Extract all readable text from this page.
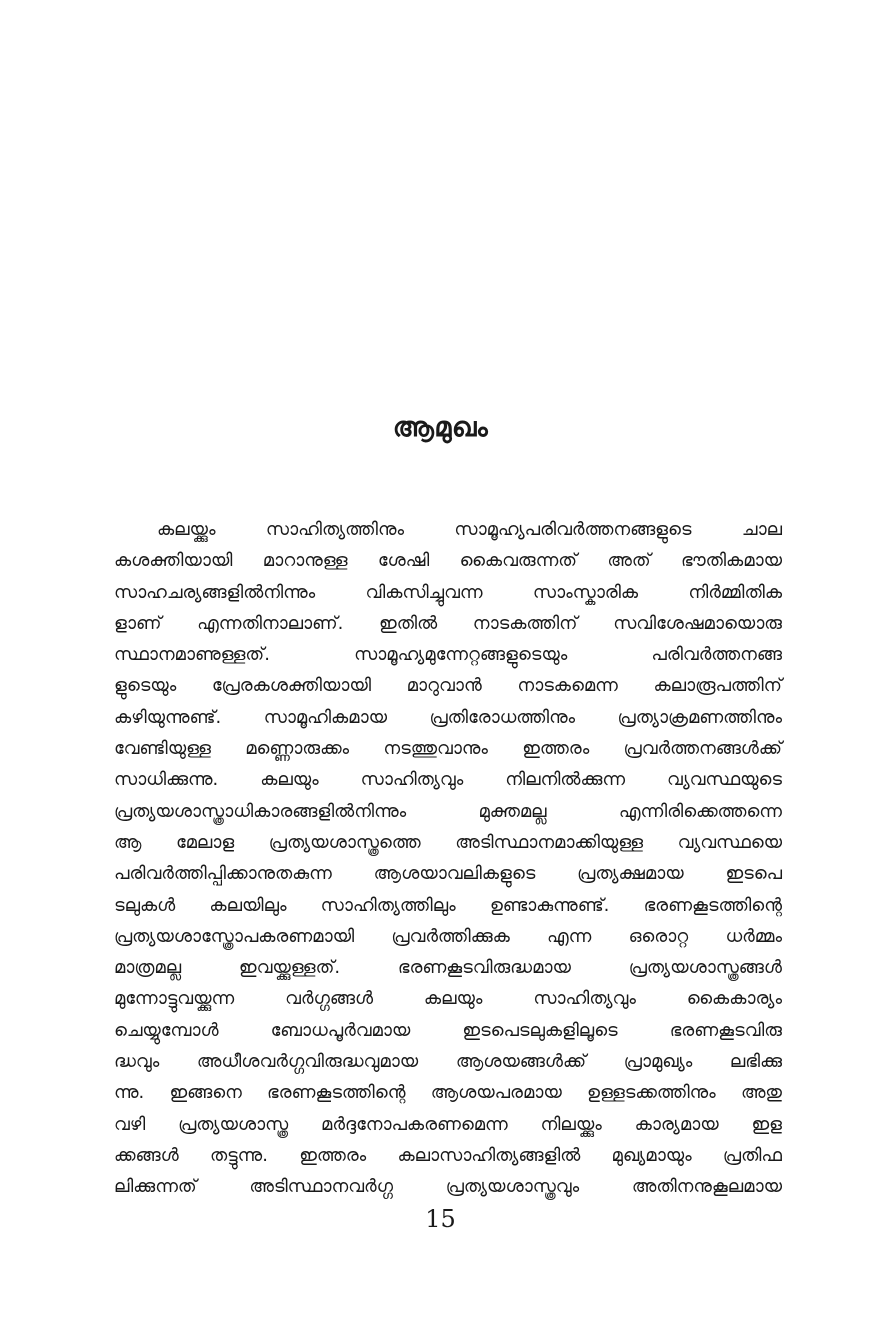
ആമുഖം
കലയ്ക്കും സാഹിത്യത്തിനും സാമൂഹ്യപരിവർത്തനങ്ങളുടെ ചാല
കശക്തിയായി മാറാനുള്ള ശേഷി കൈവരുന്നത് അത് ഭൗതികമായ
സാഹചര്യങ്ങളിൽനിന്നും വികസിച്ചുവന്ന സാംസ്കാരിക നിർമ്മിതിക
ളാണ് എന്നതിനാലാണ്. ഇതിൽ നാടകത്തിന് സവിശേഷമായൊരു
സ്ഥാനമാണുള്ളത്. സാമൂഹ്യമുന്നേറ്റങ്ങളുടെയും പരിവർത്തനങ്ങ
ളുടെയും പ്രേരകശക്തിയായി മാറുവാൻ നാടകമെന്ന കലാരൂപത്തിന്
കഴിയുന്നുണ്ട്. സാമൂഹികമായ പ്രതിരോധത്തിനും പ്രത്യാക്രമണത്തിനും
വേണ്ടിയുള്ള മണ്ണൊരുക്കം നടത്തുവാനും ഇത്തരം പ്രവർത്തനങ്ങൾക്ക്
സാധിക്കുന്നു. കലയും സാഹിത്യവും നിലനിൽക്കുന്ന വ്യവസ്ഥയുടെ
പ്രത്യയശാസ്ത്രാധികാരങ്ങളിൽനിന്നും മുക്തമല്ല എന്നിരിക്കെത്തന്നെ
ആ മേലാള പ്രത്യയശാസ്ത്രത്തെ അടിസ്ഥാനമാക്കിയുള്ള വ്യവസ്ഥയെ
പരിവർത്തിപ്പിക്കാനുതകുന്ന ആശയാവലികളുടെ പ്രത്യക്ഷമായ ഇടപെ
ടലുകൾ കലയിലും സാഹിത്യത്തിലും ഉണ്ടാകുന്നുണ്ട്. ഭരണകൂടത്തിന്റെ
പ്രത്യയശാസ്ത്രോപകരണമായി പ്രവർത്തിക്കുക എന്ന ഒരൊറ്റ ധർമ്മം
മാത്രമല്ല ഇവയ്ക്കുള്ളത്. ഭരണകൂടവിരുദ്ധമായ പ്രത്യയശാസ്ത്രങ്ങൾ
മുന്നോട്ടുവയ്ക്കുന്ന വർഗ്ഗങ്ങൾ കലയും സാഹിത്യവും കൈകാര്യം
ചെയ്യുമ്പോൾ ബോധപൂർവമായ ഇടപെടലുകളിലൂടെ ഭരണകൂടവിരു
ദ്ധവും അധീശവർഗ്ഗവിരുദ്ധവുമായ ആശയങ്ങൾക്ക് പ്രാമുഖ്യം ലഭിക്കു
ന്നു. ഇങ്ങനെ ഭരണകൂടത്തിന്റെ ആശയപരമായ ഉള്ളടക്കത്തിനും അതു
വഴി പ്രത്യയശാസ്ത്ര മർദ്ദനോപകരണമെന്ന നിലയ്ക്കും കാര്യമായ ഇള
ക്കങ്ങൾ തട്ടുന്നു. ഇത്തരം കലാസാഹിത്യങ്ങളിൽ മുഖ്യമായും പ്രതിഫ
ലിക്കുന്നത് അടിസ്ഥാനവർഗ്ഗ പ്രത്യയശാസ്ത്രവും അതിനനുകൂലമായ
15
